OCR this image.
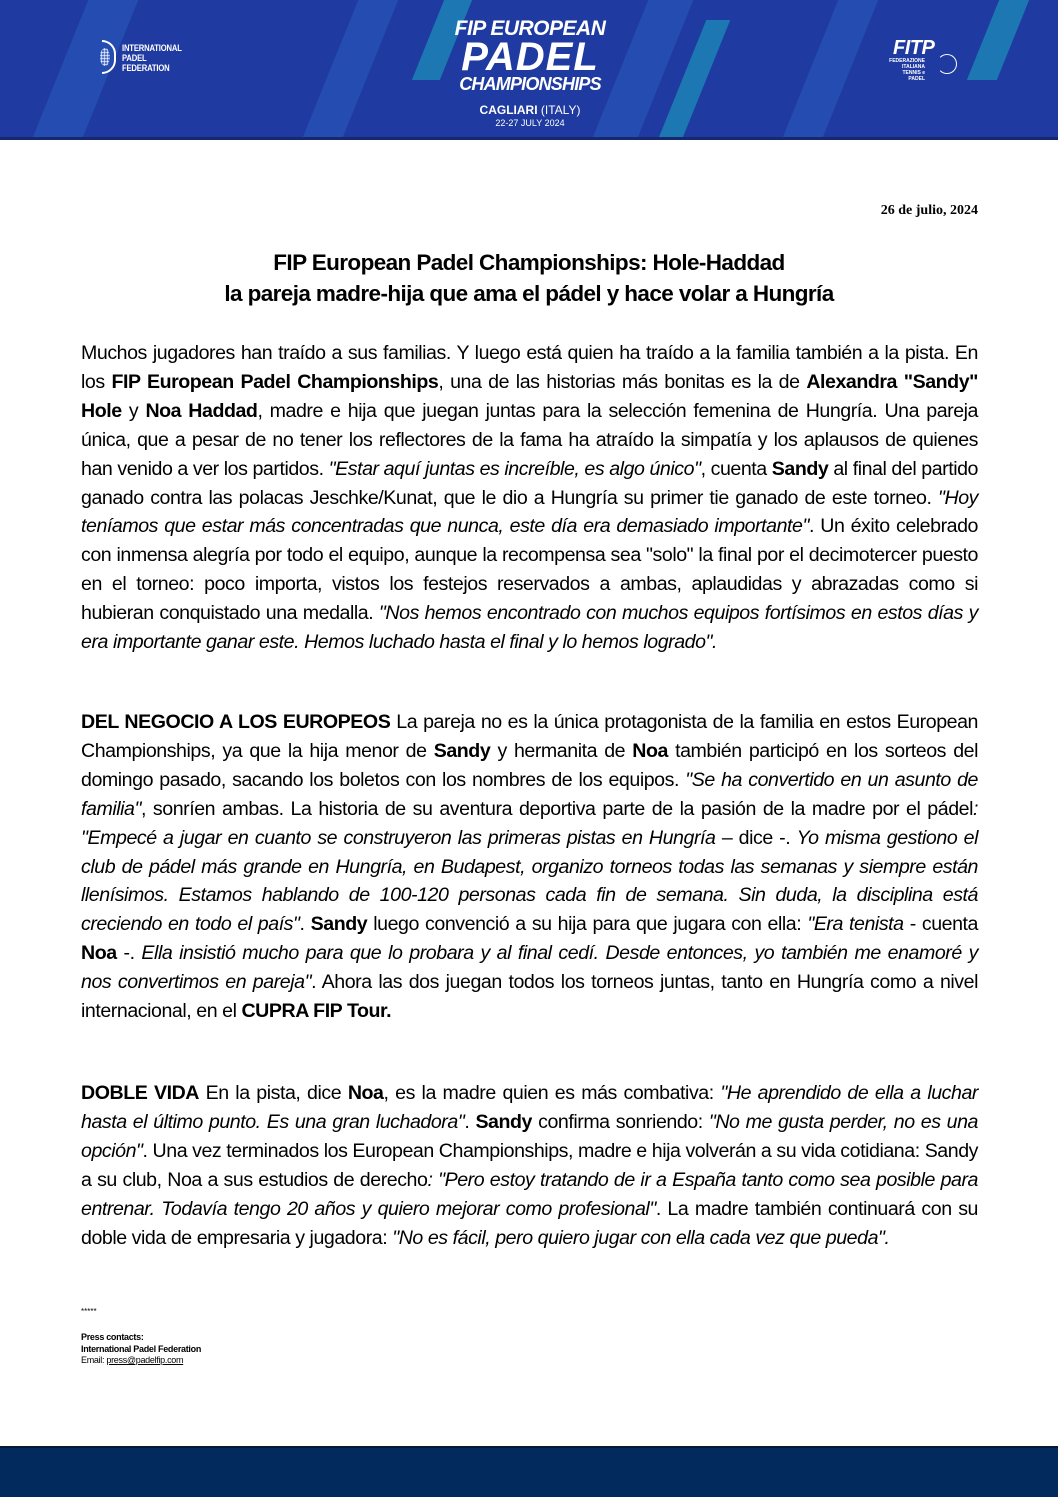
INTERNATIONAL
PADEL
FEDERATION
FIP EUROPEAN
PADEL
CHAMPIONSHIPS
CAGLIARI (ITALY)
22-27 JULY 2024
FITP
FEDERAZIONE
ITALIANA
TENNIS e PADEL
26 de julio, 2024
FIP European Padel Championships: Hole-Haddad
la pareja madre-hija que ama el pádel y hace volar a Hungría

Muchos jugadores han traído a sus familias. Y luego está quien ha traído a la familia también a la pista. En los FIP European Padel Championships, una de las historias más bonitas es la de Alexandra "Sandy" Hole y Noa Haddad, madre e hija que juegan juntas para la selección femenina de Hungría. Una pareja única, que a pesar de no tener los reflectores de la fama ha atraído la simpatía y los aplausos de quienes han venido a ver los partidos. "Estar aquí juntas es increíble, es algo único", cuenta Sandy al final del partido ganado contra las polacas Jeschke/Kunat, que le dio a Hungría su primer tie ganado de este torneo. "Hoy teníamos que estar más concentradas que nunca, este día era demasiado importante". Un éxito celebrado con inmensa alegría por todo el equipo, aunque la recompensa sea "solo" la final por el decimotercer puesto en el torneo: poco importa, vistos los festejos reservados a ambas, aplaudidas y abrazadas como si hubieran conquistado una medalla. "Nos hemos encontrado con muchos equipos fortísimos en estos días y era importante ganar este. Hemos luchado hasta el final y lo hemos logrado".

DEL NEGOCIO A LOS EUROPEOS La pareja no es la única protagonista de la familia en estos European Championships, ya que la hija menor de Sandy y hermanita de Noa también participó en los sorteos del domingo pasado, sacando los boletos con los nombres de los equipos. "Se ha convertido en un asunto de familia", sonríen ambas. La historia de su aventura deportiva parte de la pasión de la madre por el pádel: "Empecé a jugar en cuanto se construyeron las primeras pistas en Hungría – dice -. Yo misma gestiono el club de pádel más grande en Hungría, en Budapest, organizo torneos todas las semanas y siempre están llenísimos. Estamos hablando de 100-120 personas cada fin de semana. Sin duda, la disciplina está creciendo en todo el país". Sandy luego convenció a su hija para que jugara con ella: "Era tenista - cuenta Noa -. Ella insistió mucho para que lo probara y al final cedí. Desde entonces, yo también me enamoré y nos convertimos en pareja". Ahora las dos juegan todos los torneos juntas, tanto en Hungría como a nivel internacional, en el CUPRA FIP Tour.

DOBLE VIDA En la pista, dice Noa, es la madre quien es más combativa: "He aprendido de ella a luchar hasta el último punto. Es una gran luchadora". Sandy confirma sonriendo: "No me gusta perder, no es una opción". Una vez terminados los European Championships, madre e hija volverán a su vida cotidiana: Sandy a su club, Noa a sus estudios de derecho: "Pero estoy tratando de ir a España tanto como sea posible para entrenar. Todavía tengo 20 años y quiero mejorar como profesional". La madre también continuará con su doble vida de empresaria y jugadora: "No es fácil, pero quiero jugar con ella cada vez que pueda".

*****
Press contacts:
International Padel Federation
Email: press@padelfip.com
